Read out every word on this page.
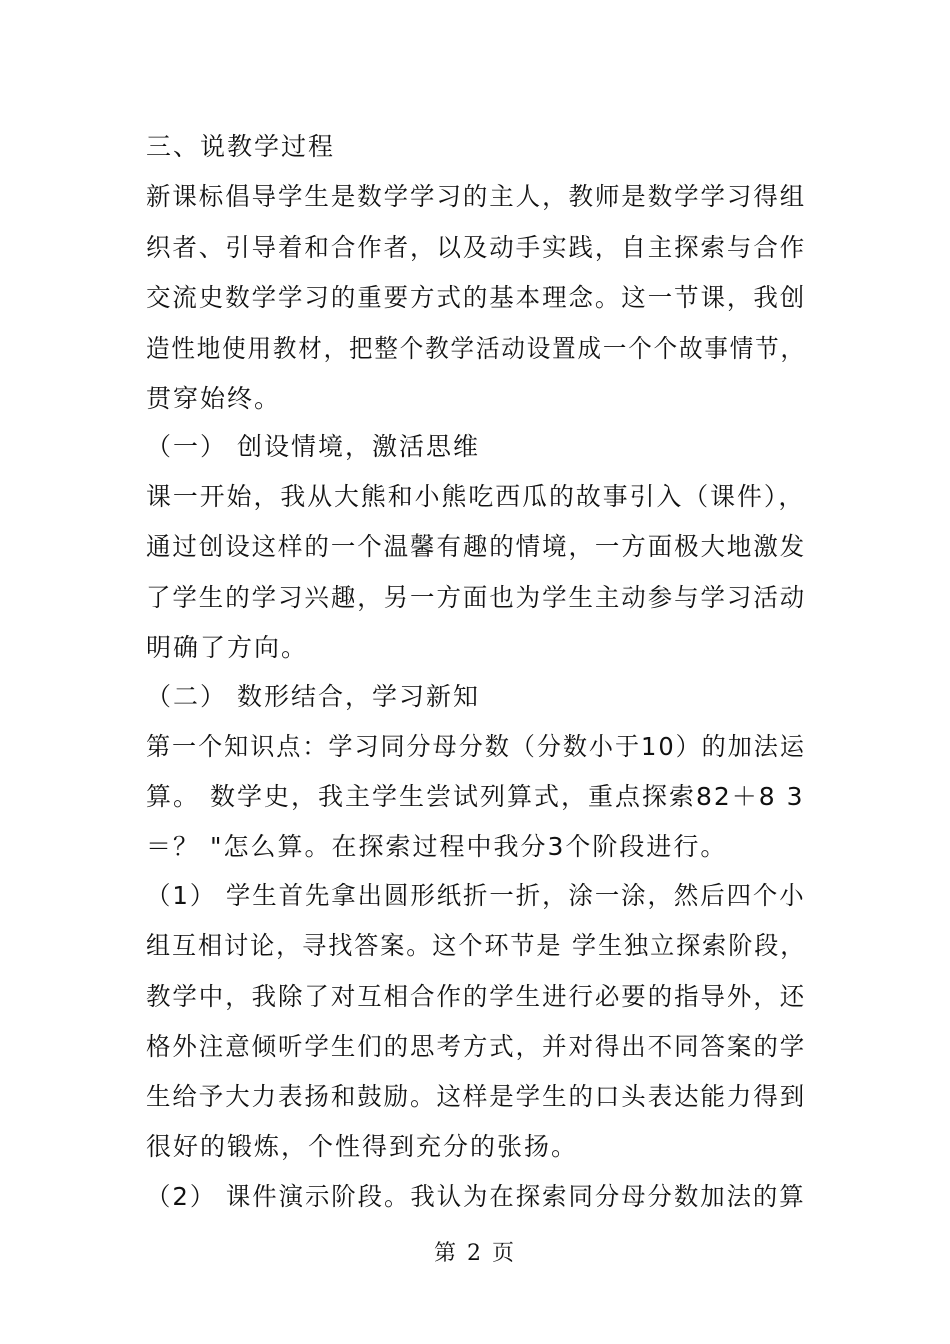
三、说教学过程
新课标倡导学生是数学学习的主人，教师是数学学习得组
织者、引导着和合作者，以及动手实践，自主探索与合作
交流史数学学习的重要方式的基本理念。这一节课，我创
造性地使用教材，把整个教学活动设置成一个个故事情节，
贯穿始终。
（一） 创设情境，激活思维
课一开始，我从大熊和小熊吃西瓜的故事引入（课件），
通过创设这样的一个温馨有趣的情境，一方面极大地激发
了学生的学习兴趣，另一方面也为学生主动参与学习活动
明确了方向。
（二） 数形结合，学习新知
第一个知识点：学习同分母分数（分数小于10）的加法运
算。 数学史，我主学生尝试列算式，重点探索82＋8 3
＝？ "怎么算。在探索过程中我分3个阶段进行。
（1） 学生首先拿出圆形纸折一折，涂一涂，然后四个小
组互相讨论，寻找答案。这个环节是 学生独立探索阶段，
教学中，我除了对互相合作的学生进行必要的指导外，还
格外注意倾听学生们的思考方式，并对得出不同答案的学
生给予大力表扬和鼓励。这样是学生的口头表达能力得到
很好的锻炼，个性得到充分的张扬。
（2） 课件演示阶段。我认为在探索同分母分数加法的算
第 2 页
